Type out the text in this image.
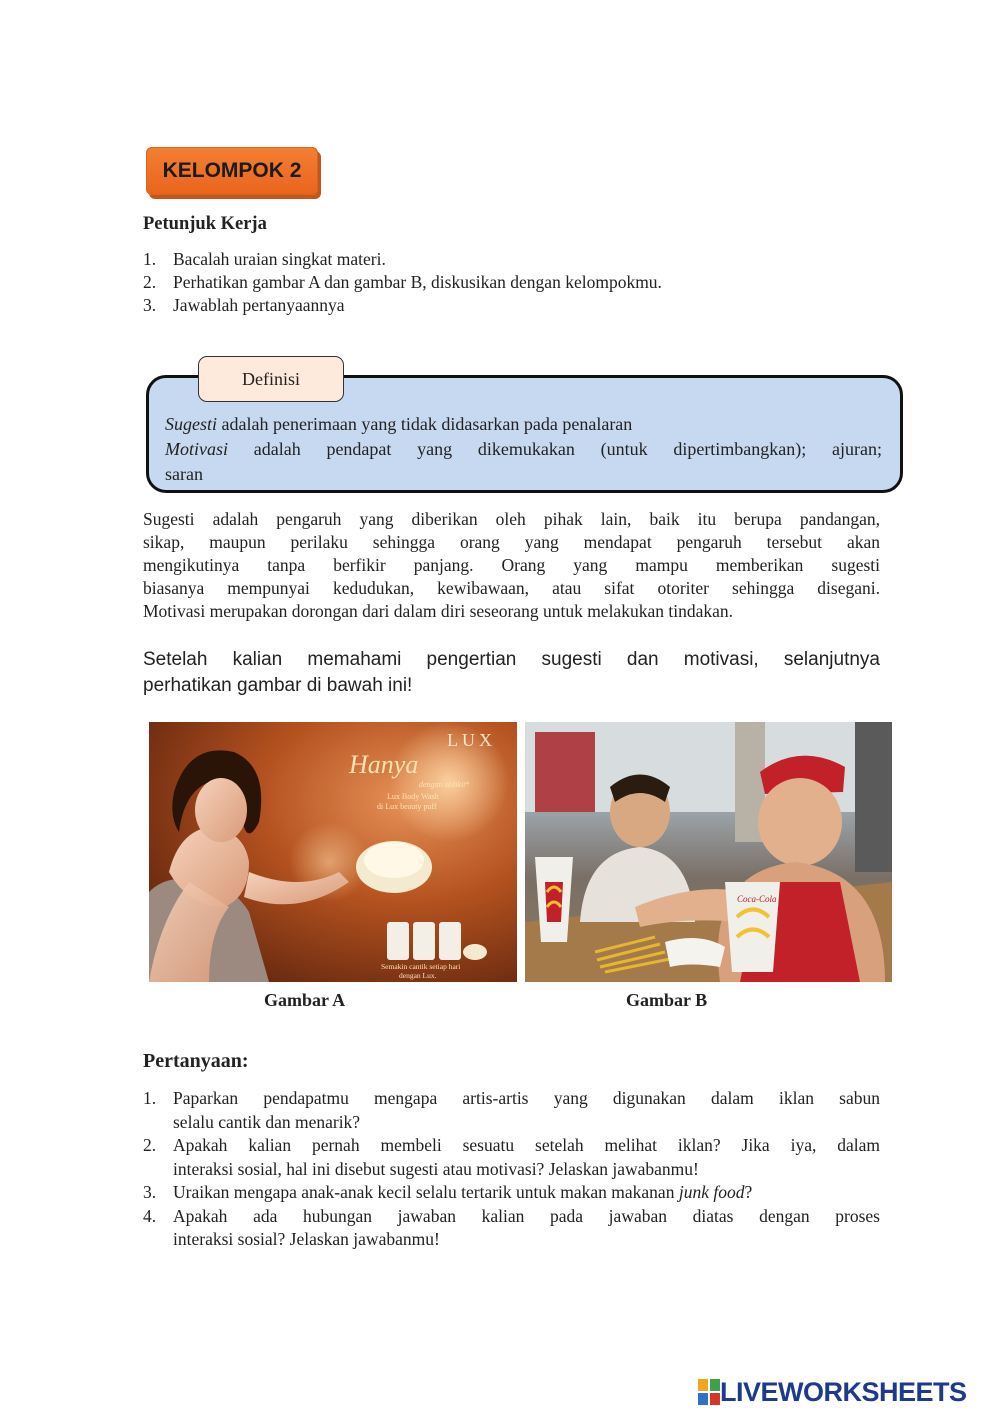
KELOMPOK 2
Petunjuk Kerja
1. Bacalah uraian singkat materi.
2. Perhatikan gambar A dan gambar B, diskusikan dengan kelompokmu.
3. Jawablah pertanyaannya
Definisi
Sugesti adalah penerimaan yang tidak didasarkan pada penalaran
Motivasi adalah pendapat yang dikemukakan (untuk dipertimbangkan); ajuran;
saran
Sugesti adalah pengaruh yang diberikan oleh pihak lain, baik itu berupa pandangan,
sikap, maupun perilaku sehingga orang yang mendapat pengaruh tersebut akan
mengikutinya tanpa berfikir panjang. Orang yang mampu memberikan sugesti
biasanya mempunyai kedudukan, kewibawaan, atau sifat otoriter sehingga disegani.
Motivasi merupakan dorongan dari dalam diri seseorang untuk melakukan tindakan.
Setelah kalian memahami pengertian sugesti dan motivasi, selanjutnya
perhatikan gambar di bawah ini!
LUX
Hanya
dengan sedikit*
Lux Body Wash
di Lux beauty puff
Semakin cantik setiap hari
dengan Lux.
Gambar A
Coca-Cola
Gambar B
Pertanyaan:
1. Paparkan pendapatmu mengapa artis-artis yang digunakan dalam iklan sabun
selalu cantik dan menarik?
2. Apakah kalian pernah membeli sesuatu setelah melihat iklan? Jika iya, dalam
interaksi sosial, hal ini disebut sugesti atau motivasi? Jelaskan jawabanmu!
3. Uraikan mengapa anak-anak kecil selalu tertarik untuk makan makanan junk food?
4. Apakah ada hubungan jawaban kalian pada jawaban diatas dengan proses
interaksi sosial? Jelaskan jawabanmu!
LIVEWORKSHEETS
